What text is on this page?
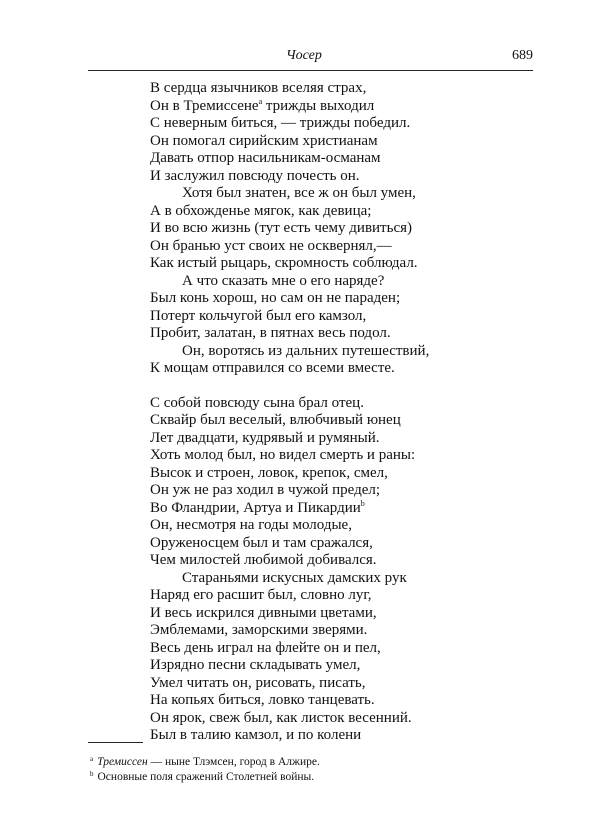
Чосер	689
В сердца язычников вселяя страх,
Он в Тремиссене$^a$ трижды выходил
С неверным биться, — трижды победил.
Он помогал сирийским христианам
Давать отпор насильникам-османам
И заслужил повсюду почесть он.
Хотя был знатен, все ж он был умен,
А в обхожденье мягок, как девица;
И во всю жизнь (тут есть чему дивиться)
Он бранью уст своих не осквернял,—
Как истый рыцарь, скромность соблюдал.
А что сказать мне о его наряде?
Был конь хорош, но сам он не параден;
Потерт кольчугой был его камзол,
Пробит, залатан, в пятнах весь подол.
Он, воротясь из дальних путешествий,
К мощам отправился со всеми вместе.
С собой повсюду сына брал отец.
Сквайр был веселый, влюбчивый юнец
Лет двадцати, кудрявый и румяный.
Хоть молод был, но видел смерть и раны:
Высок и строен, ловок, крепок, смел,
Он уж не раз ходил в чужой предел;
Во Фландрии, Артуа и Пикардии$^b$
Он, несмотря на годы молодые,
Оруженосцем был и там сражался,
Чем милостей любимой добивался.
Стараньями искусных дамских рук
Наряд его расшит был, словно луг,
И весь искрился дивными цветами,
Эмблемами, заморскими зверями.
Весь день играл на флейте он и пел,
Изрядно песни складывать умел,
Умел читать он, рисовать, писать,
На копьях биться, ловко танцевать.
Он ярок, свеж был, как листок весенний.
Был в талию камзол, и по колени
$^a$ Тремиссен — ныне Тлэмсен, город в Алжире.
$^b$ Основные поля сражений Столетней войны.
